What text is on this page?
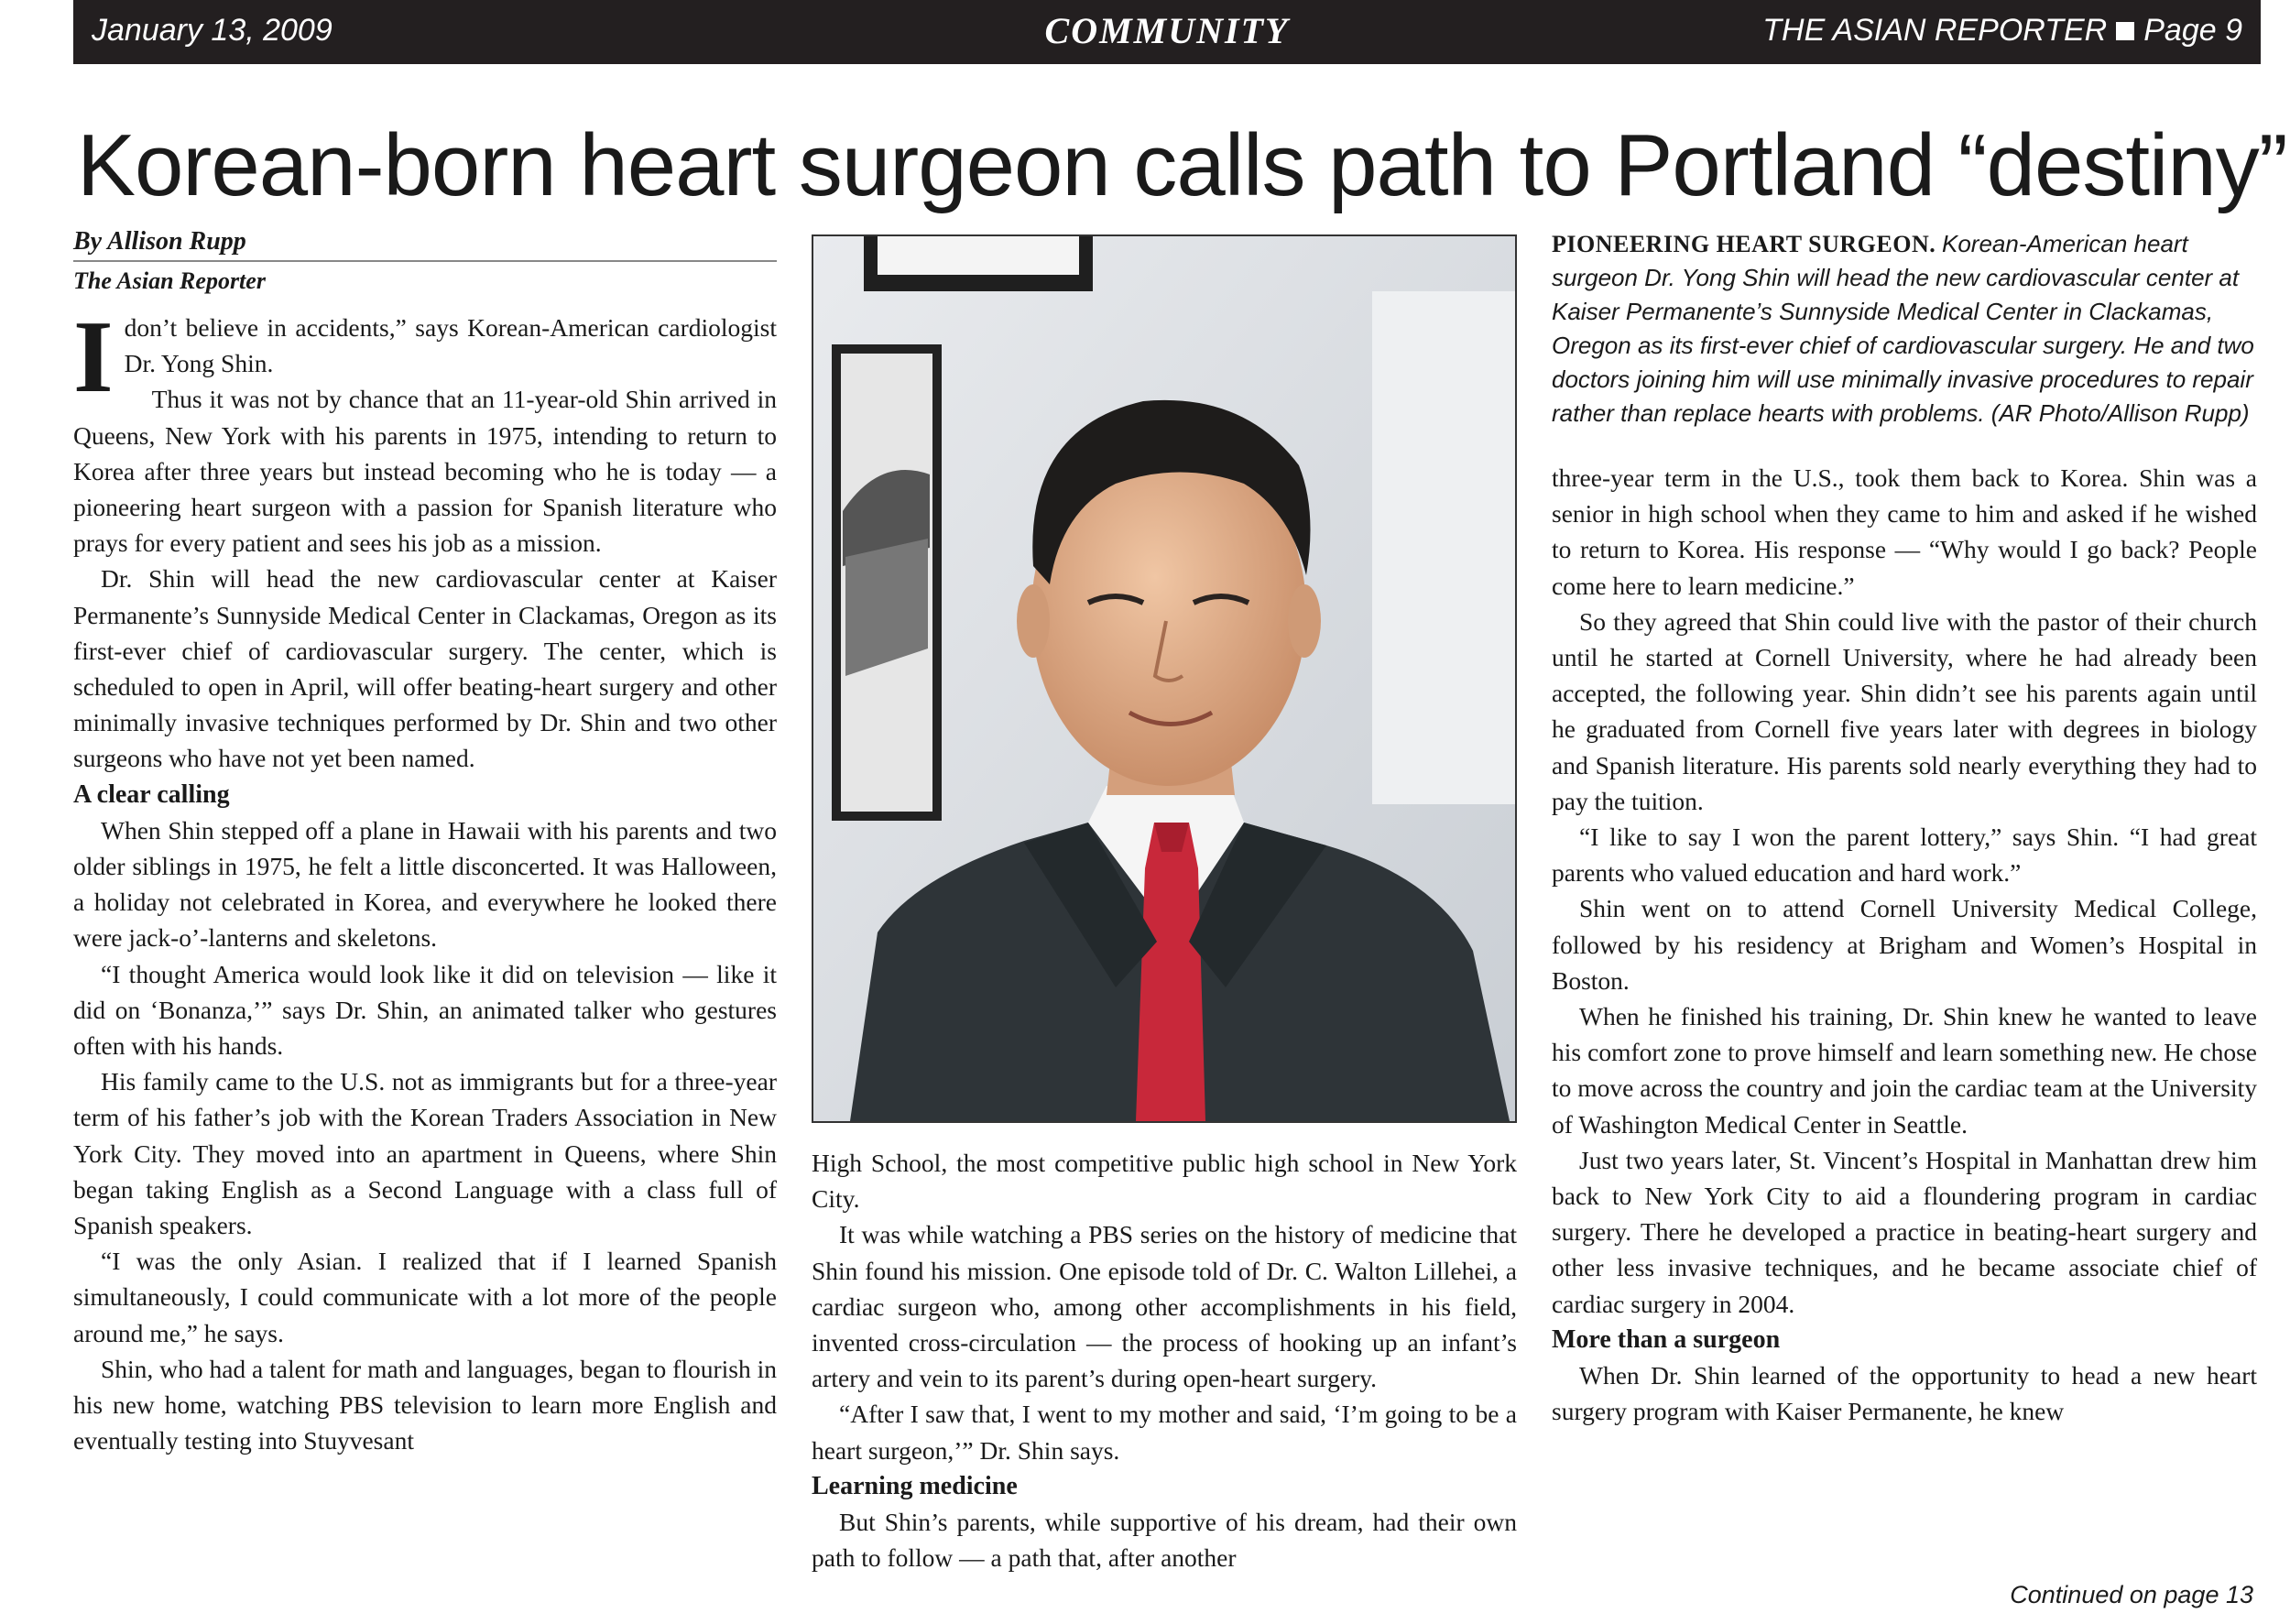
January 13, 2009	COMMUNITY	THE ASIAN REPORTER Page 9
Korean-born heart surgeon calls path to Portland “destiny”
By Allison Rupp
The Asian Reporter

Idon’t believe in accidents,” says Korean-American cardiologist Dr. Yong Shin.

Thus it was not by chance that an 11-year-old Shin arrived in Queens, New York with his parents in 1975, intending to return to Korea after three years but instead becoming who he is today — a pioneering heart surgeon with a passion for Spanish literature who prays for every patient and sees his job as a mission.

Dr. Shin will head the new cardiovascular center at Kaiser Permanente’s Sunnyside Medical Center in Clackamas, Oregon as its first-ever chief of cardiovascular surgery. The center, which is scheduled to open in April, will offer beating-heart surgery and other minimally invasive techniques performed by Dr. Shin and two other surgeons who have not yet been named.

A clear calling

When Shin stepped off a plane in Hawaii with his parents and two older siblings in 1975, he felt a little disconcerted. It was Halloween, a holiday not celebrated in Korea, and everywhere he looked there were jack-o’-lanterns and skeletons.

“I thought America would look like it did on television — like it did on ‘Bonanza,’” says Dr. Shin, an animated talker who gestures often with his hands.

His family came to the U.S. not as immigrants but for a three-year term of his father’s job with the Korean Traders Association in New York City. They moved into an apartment in Queens, where Shin began taking English as a Second Language with a class full of Spanish speakers.

“I was the only Asian. I realized that if I learned Spanish simultaneously, I could communicate with a lot more of the people around me,” he says.

Shin, who had a talent for math and languages, began to flourish in his new home, watching PBS television to learn more English and eventually testing into Stuyvesant

PIONEERING HEART SURGEON. Korean-American heart surgeon Dr. Yong Shin will head the new cardiovascular center at Kaiser Permanente’s Sunnyside Medical Center in Clackamas, Oregon as its first-ever chief of cardiovascular surgery. He and two doctors joining him will use minimally invasive procedures to repair rather than replace hearts with problems. (AR Photo/Allison Rupp)

High School, the most competitive public high school in New York City.

It was while watching a PBS series on the history of medicine that Shin found his mission. One episode told of Dr. C. Walton Lillehei, a cardiac surgeon who, among other accomplishments in his field, invented cross-circulation — the process of hooking up an infant’s artery and vein to its parent’s during open-heart surgery.

“After I saw that, I went to my mother and said, ‘I’m going to be a heart surgeon,’” Dr. Shin says.

Learning medicine

But Shin’s parents, while supportive of his dream, had their own path to follow — a path that, after another

three-year term in the U.S., took them back to Korea. Shin was a senior in high school when they came to him and asked if he wished to return to Korea. His response — “Why would I go back? People come here to learn medicine.”

So they agreed that Shin could live with the pastor of their church until he started at Cornell University, where he had already been accepted, the following year. Shin didn’t see his parents again until he graduated from Cornell five years later with degrees in biology and Spanish literature. His parents sold nearly everything they had to pay the tuition.

“I like to say I won the parent lottery,” says Shin. “I had great parents who valued education and hard work.”

Shin went on to attend Cornell University Medical College, followed by his residency at Brigham and Women’s Hospital in Boston.

When he finished his training, Dr. Shin knew he wanted to leave his comfort zone to prove himself and learn something new. He chose to move across the country and join the cardiac team at the University of Washington Medical Center in Seattle.

Just two years later, St. Vincent’s Hospital in Manhattan drew him back to New York City to aid a floundering program in cardiac surgery. There he developed a practice in beating-heart surgery and other less invasive techniques, and he became associate chief of cardiac surgery in 2004.

More than a surgeon

When Dr. Shin learned of the opportunity to head a new heart surgery program with Kaiser Permanente, he knew

Continued on page 13
